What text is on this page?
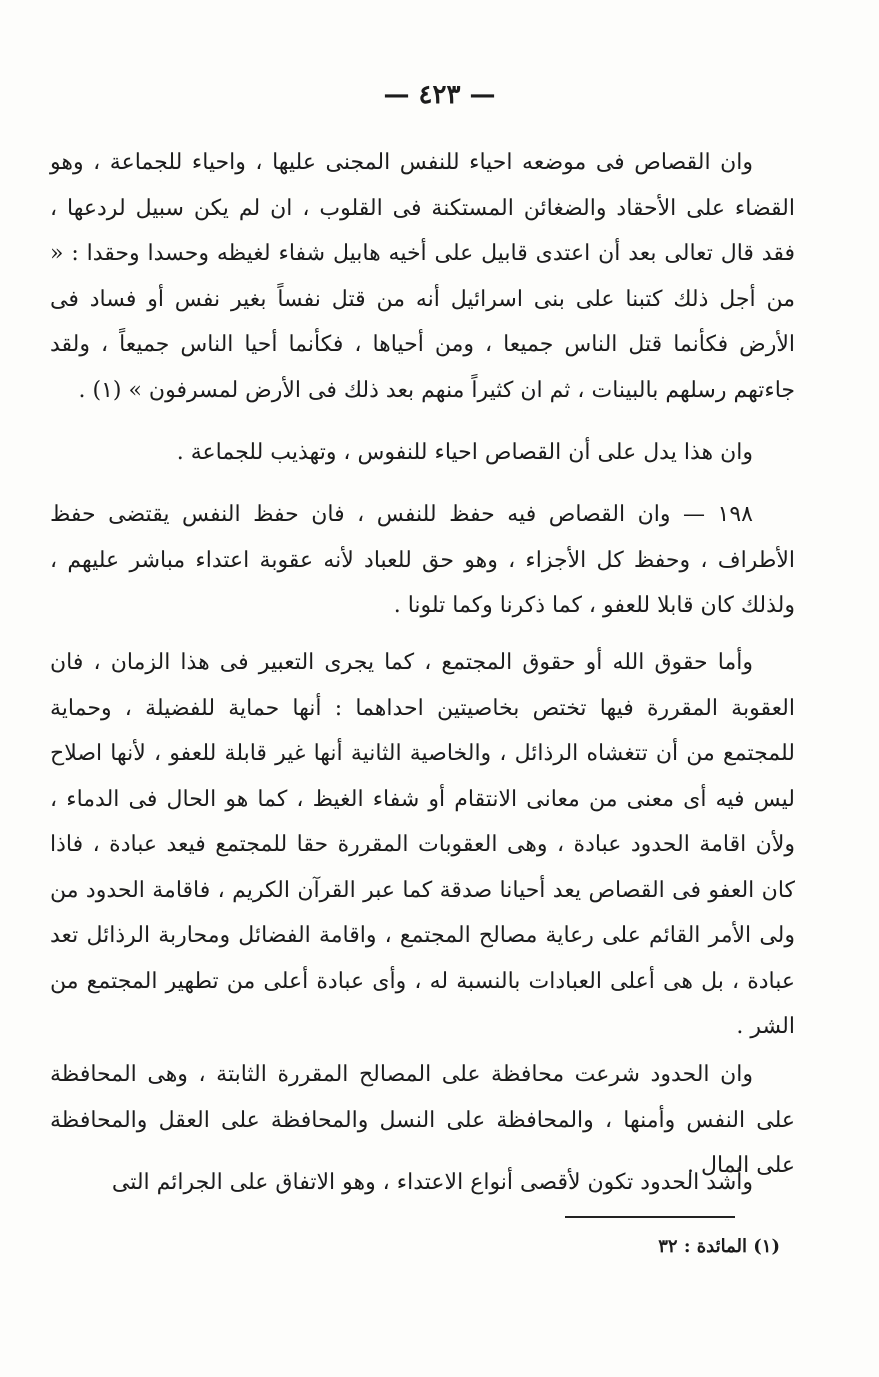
— ٤٢٣ —

وان القصاص فى موضعه احياء للنفس المجنى عليها ، واحياء للجماعة ، وهو القضاء على الأحقاد والضغائن المستكنة فى القلوب ، ان لم يكن سبيل لردعها ، فقد قال تعالى بعد أن اعتدى قابيل على أخيه هابيل شفاء لغيظه وحسدا وحقدا : « من أجل ذلك كتبنا على بنى اسرائيل أنه من قتل نفساً بغير نفس أو فساد فى الأرض فكأنما قتل الناس جميعا ، ومن أحياها ، فكأنما أحيا الناس جميعاً ، ولقد جاءتهم رسلهم بالبينات ، ثم ان كثيراً منهم بعد ذلك فى الأرض لمسرفون » (١) .

وان هذا يدل على أن القصاص احياء للنفوس ، وتهذيب للجماعة .

١٩٨ — وان القصاص فيه حفظ للنفس ، فان حفظ النفس يقتضى حفظ الأطراف ، وحفظ كل الأجزاء ، وهو حق للعباد لأنه عقوبة اعتداء مباشر عليهم ، ولذلك كان قابلا للعفو ، كما ذكرنا وكما تلونا .

وأما حقوق الله أو حقوق المجتمع ، كما يجرى التعبير فى هذا الزمان ، فان العقوبة المقررة فيها تختص بخاصيتين احداهما : أنها حماية للفضيلة ، وحماية للمجتمع من أن تتغشاه الرذائل ، والخاصية الثانية أنها غير قابلة للعفو ، لأنها اصلاح ليس فيه أى معنى من معانى الانتقام أو شفاء الغيظ ، كما هو الحال فى الدماء ، ولأن اقامة الحدود عبادة ، وهى العقوبات المقررة حقا للمجتمع فيعد عبادة ، فاذا كان العفو فى القصاص يعد أحيانا صدقة كما عبر القرآن الكريم ، فاقامة الحدود من ولى الأمر القائم على رعاية مصالح المجتمع ، واقامة الفضائل ومحاربة الرذائل تعد عبادة ، بل هى أعلى العبادات بالنسبة له ، وأى عبادة أعلى من تطهير المجتمع من الشر .

وان الحدود شرعت محافظة على المصالح المقررة الثابتة ، وهى المحافظة على النفس وأمنها ، والمحافظة على النسل والمحافظة على العقل والمحافظة على المال .

وأشد الحدود تكون لأقصى أنواع الاعتداء ، وهو الاتفاق على الجرائم التى

(١) المائدة : ٣٢
